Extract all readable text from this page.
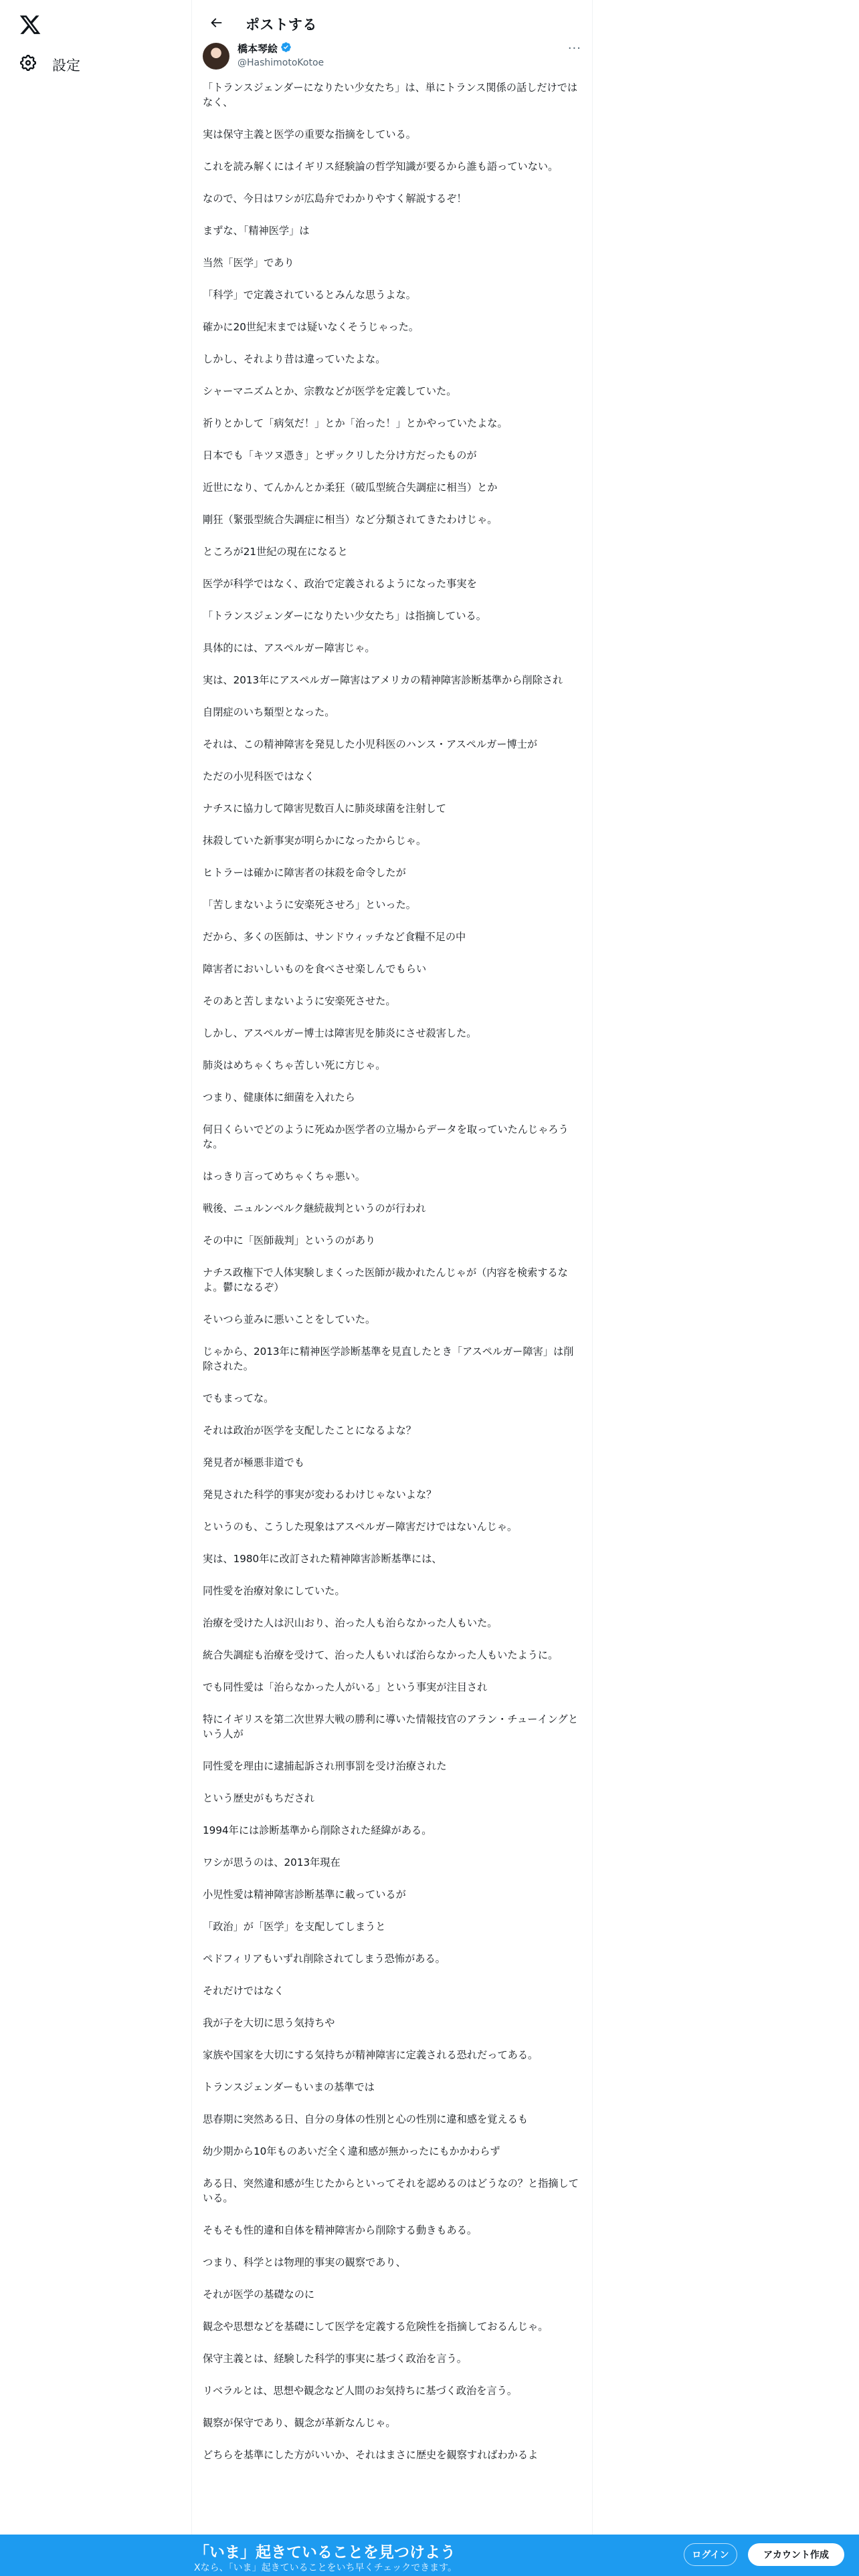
設定
ポストする
橋本琴絵
@HashimotoKotoe
···

「トランスジェンダーになりたい少女たち」は、単にトランス関係の話しだけではなく、

実は保守主義と医学の重要な指摘をしている。

これを読み解くにはイギリス経験論の哲学知識が要るから誰も語っていない。

なので、今日はワシが広島弁でわかりやすく解説するぞ！

まずな、「精神医学」は

当然「医学」であり

「科学」で定義されているとみんな思うよな。

確かに20世紀末までは疑いなくそうじゃった。

しかし、それより昔は違っていたよな。

シャーマニズムとか、宗教などが医学を定義していた。

祈りとかして「病気だ！」とか「治った！」とかやっていたよな。

日本でも「キツヌ憑き」とザックリした分け方だったものが

近世になり、てんかんとか柔狂（破瓜型統合失調症に相当）とか

剛狂（緊張型統合失調症に相当）など分類されてきたわけじゃ。

ところが21世紀の現在になると

医学が科学ではなく、政治で定義されるようになった事実を

「トランスジェンダーになりたい少女たち」は指摘している。

具体的には、アスペルガー障害じゃ。

実は、2013年にアスペルガー障害はアメリカの精神障害診断基準から削除され

自閉症のいち類型となった。

それは、この精神障害を発見した小児科医のハンス・アスペルガー博士が

ただの小児科医ではなく

ナチスに協力して障害児数百人に肺炎球菌を注射して

抹殺していた新事実が明らかになったからじゃ。

ヒトラーは確かに障害者の抹殺を命令したが

「苦しまないように安楽死させろ」といった。

だから、多くの医師は、サンドウィッチなど食糧不足の中

障害者においしいものを食べさせ楽しんでもらい

そのあと苦しまないように安楽死させた。

しかし、アスペルガー博士は障害児を肺炎にさせ殺害した。

肺炎はめちゃくちゃ苦しい死に方じゃ。

つまり、健康体に細菌を入れたら

何日くらいでどのように死ぬか医学者の立場からデータを取っていたんじゃろうな。

はっきり言ってめちゃくちゃ悪い。

戦後、ニュルンベルク継続裁判というのが行われ

その中に「医師裁判」というのがあり

ナチス政権下で人体実験しまくった医師が裁かれたんじゃが（内容を検索するなよ。鬱になるぞ）

そいつら並みに悪いことをしていた。

じゃから、2013年に精神医学診断基準を見直したとき「アスペルガー障害」は削除された。

でもまってな。

それは政治が医学を支配したことになるよな？

発見者が極悪非道でも

発見された科学的事実が変わるわけじゃないよな？

というのも、こうした現象はアスペルガー障害だけではないんじゃ。

実は、1980年に改訂された精神障害診断基準には、

同性愛を治療対象にしていた。

治療を受けた人は沢山おり、治った人も治らなかった人もいた。

統合失調症も治療を受けて、治った人もいれば治らなかった人もいたように。

でも同性愛は「治らなかった人がいる」という事実が注目され

特にイギリスを第二次世界大戦の勝利に導いた情報技官のアラン・チューイングという人が

同性愛を理由に逮捕起訴され刑事罰を受け治療された

という歴史がもちだされ

1994年には診断基準から削除された経緯がある。

ワシが思うのは、2013年現在

小児性愛は精神障害診断基準に載っているが

「政治」が「医学」を支配してしまうと

ペドフィリアもいずれ削除されてしまう恐怖がある。

それだけではなく

我が子を大切に思う気持ちや

家族や国家を大切にする気持ちが精神障害に定義される恐れだってある。

トランスジェンダーもいまの基準では

思春期に突然ある日、自分の身体の性別と心の性別に違和感を覚えるも

幼少期から10年ものあいだ全く違和感が無かったにもかかわらず

ある日、突然違和感が生じたからといってそれを認めるのはどうなの？と指摘している。

そもそも性的違和自体を精神障害から削除する動きもある。

つまり、科学とは物理的事実の観察であり、

それが医学の基礎なのに

観念や思想などを基礎にして医学を定義する危険性を指摘しておるんじゃ。

保守主義とは、経験した科学的事実に基づく政治を言う。

リベラルとは、思想や観念など人間のお気持ちに基づく政治を言う。

観察が保守であり、観念が革新なんじゃ。

どちらを基準にした方がいいか、それはまさに歴史を観察すればわかるよ

「いま」起きていることを見つけよう
Xなら、「いま」起きていることをいち早くチェックできます。
ログイン	アカウント作成
